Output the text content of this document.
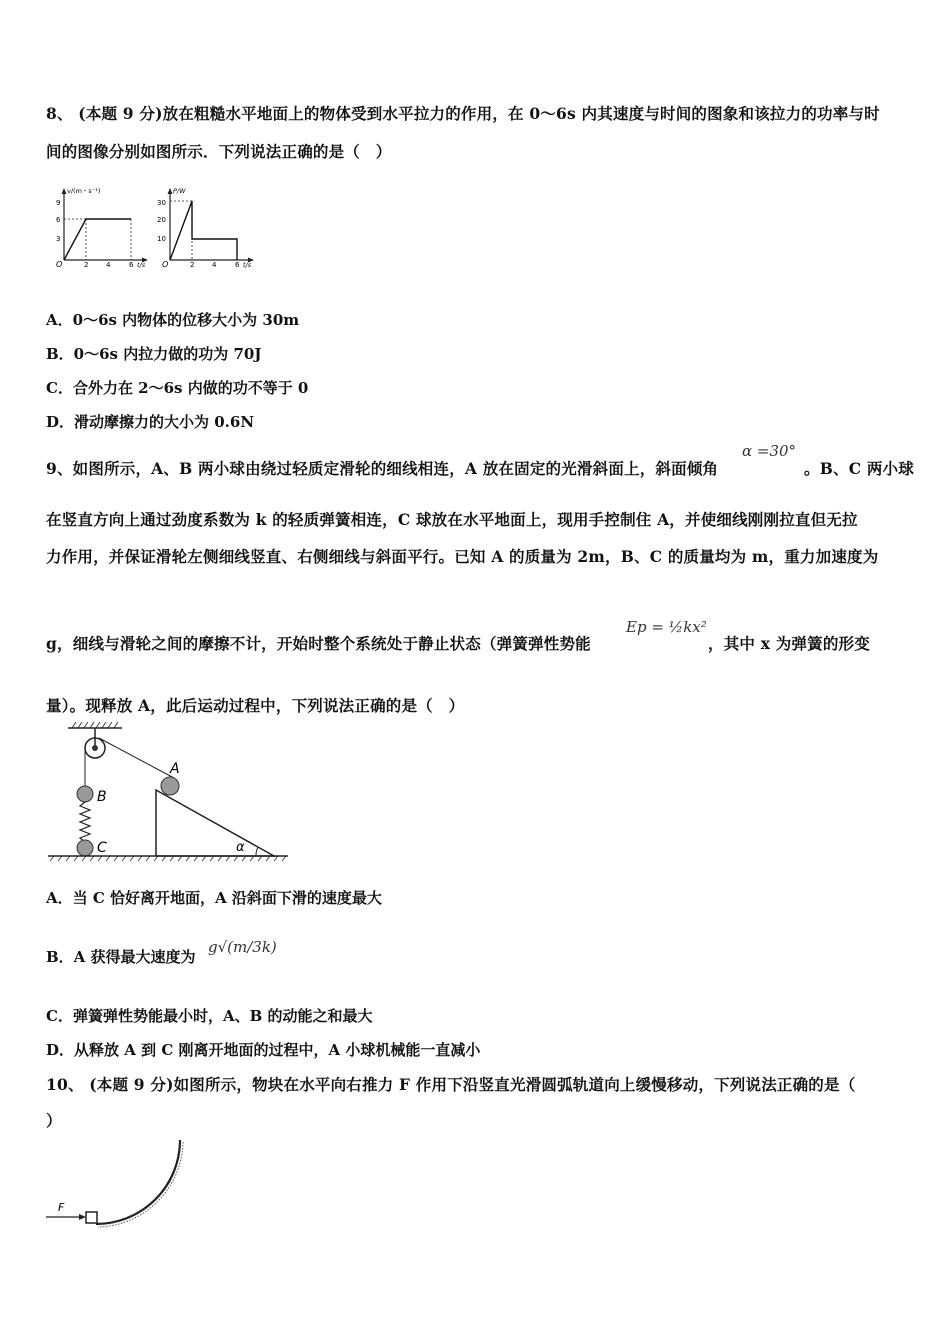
8、 (本题 9 分)放在粗糙水平地面上的物体受到水平拉力的作用，在 0～6s 内其速度与时间的图象和该拉力的功率与时
间的图像分别如图所示．下列说法正确的是（　）
v/(m・s⁻¹)
t/s
O
9
6
3
2	4	6
P/W
t/s
O
30
20
10
2	4	6
A．0～6s 内物体的位移大小为 30m
B．0～6s 内拉力做的功为 70J
C．合外力在 2～6s 内做的功不等于 0
D．滑动摩擦力的大小为 0.6N
9、如图所示，A、B 两小球由绕过轻质定滑轮的细线相连，A 放在固定的光滑斜面上，斜面倾角
α =30°
。B、C 两小球
在竖直方向上通过劲度系数为 k 的轻质弹簧相连，C 球放在水平地面上，现用手控制住 A，并使细线刚刚拉直但无拉
力作用，并保证滑轮左侧细线竖直、右侧细线与斜面平行。已知 A 的质量为 2m，B、C 的质量均为 m，重力加速度为
g，细线与滑轮之间的摩擦不计，开始时整个系统处于静止状态（弹簧弹性势能
Ep = ½kx²
，其中 x 为弹簧的形变
量）。现释放 A，此后运动过程中，下列说法正确的是（　）
B
C
A
α
A．当 C 恰好离开地面，A 沿斜面下滑的速度最大
B．A 获得最大速度为
g√(m/3k)
C．弹簧弹性势能最小时，A、B 的动能之和最大
D．从释放 A 到 C 刚离开地面的过程中，A 小球机械能一直减小
10、 (本题 9 分)如图所示，物块在水平向右推力 F 作用下沿竖直光滑圆弧轨道向上缓慢移动，下列说法正确的是（
）
F
